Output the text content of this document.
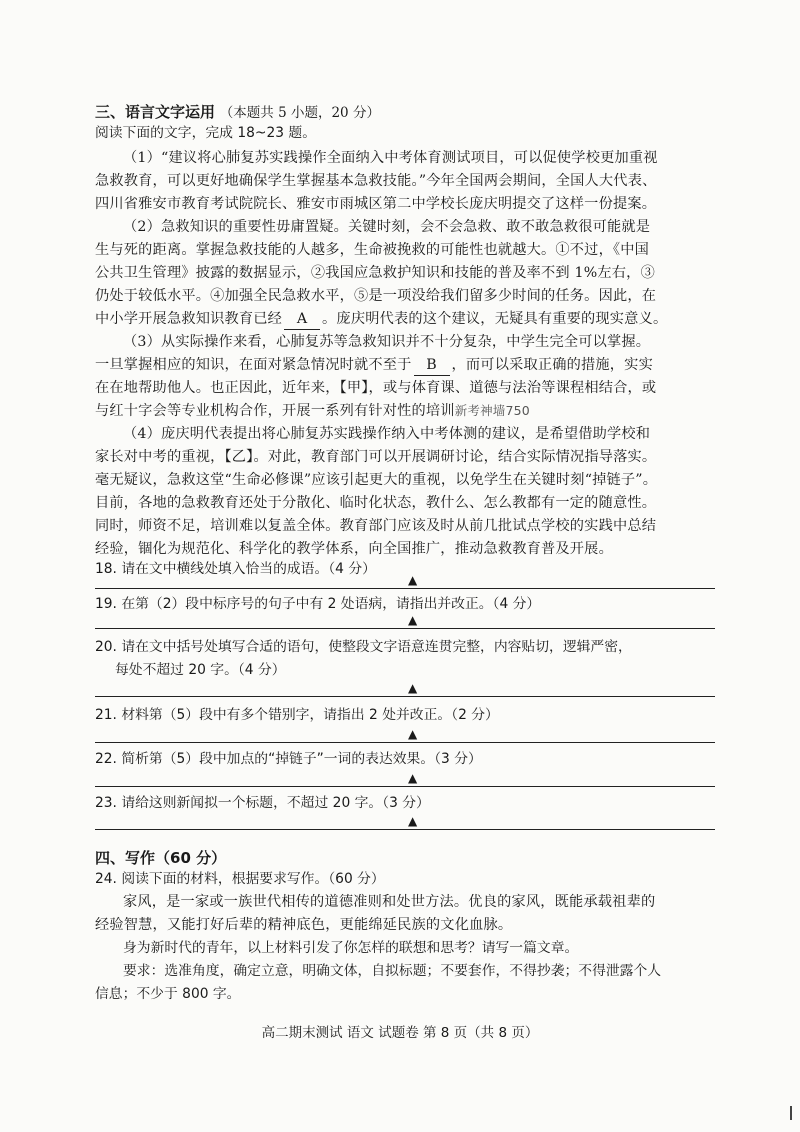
三、语言文字运用 （本题共 5 小题，20 分）
阅读下面的文字，完成 18~23 题。
（1）“建议将心肺复苏实践操作全面纳入中考体育测试项目，可以促使学校更加重视
急救教育，可以更好地确保学生掌握基本急救技能。”今年全国两会期间，全国人大代表、
四川省雅安市教育考试院院长、雅安市雨城区第二中学校长庞庆明提交了这样一份提案。
（2）急救知识的重要性毋庸置疑。关键时刻，会不会急救、敢不敢急救很可能就是
生与死的距离。掌握急救技能的人越多，生命被挽救的可能性也就越大。①不过，《中国
公共卫生管理》披露的数据显示，②我国应急救护知识和技能的普及率不到 1%左右，③
仍处于较低水平。④加强全民急救水平，⑤是一项没给我们留多少时间的任务。因此，在
中小学开展急救知识教育已经 A 。庞庆明代表的这个建议，无疑具有重要的现实意义。
（3）从实际操作来看，心肺复苏等急救知识并不十分复杂，中学生完全可以掌握。
一旦掌握相应的知识，在面对紧急情况时就不至于 B ，而可以采取正确的措施，实实
在在地帮助他人。也正因此，近年来，【甲】，或与体育课、道德与法治等课程相结合，或
与红十字会等专业机构合作，开展一系列有针对性的培训新考神墙750
（4）庞庆明代表提出将心肺复苏实践操作纳入中考体测的建议，是希望借助学校和
家长对中考的重视，【乙】。对此，教育部门可以开展调研讨论，结合实际情况指导落实。
毫无疑议，急救这堂“生命必修课”应该引起更大的重视，以免学生在关键时刻“掉链子”。
目前，各地的急救教育还处于分散化、临时化状态，教什么、怎么教都有一定的随意性。
同时，师资不足，培训难以复盖全体。教育部门应该及时从前几批试点学校的实践中总结
经验，锢化为规范化、科学化的教学体系，向全国推广，推动急救教育普及开展。
18. 请在文中横线处填入恰当的成语。（4 分）
▲
19. 在第（2）段中标序号的句子中有 2 处语病，请指出并改正。（4 分）
▲
20. 请在文中括号处填写合适的语句，使整段文字语意连贯完整，内容贴切，逻辑严密，
每处不超过 20 字。（4 分）
▲
21. 材料第（5）段中有多个错别字，请指出 2 处并改正。（2 分）
▲
22. 简析第（5）段中加点的“掉链子”一词的表达效果。（3 分）
▲
23. 请给这则新闻拟一个标题，不超过 20 字。（3 分）
▲
四、写作（60 分）
24. 阅读下面的材料，根据要求写作。（60 分）
家风，是一家或一族世代相传的道德准则和处世方法。优良的家风，既能承载祖辈的
经验智慧，又能打好后辈的精神底色，更能绵延民族的文化血脉。
身为新时代的青年，以上材料引发了你怎样的联想和思考？请写一篇文章。
要求：选准角度，确定立意，明确文体，自拟标题；不要套作，不得抄袭；不得泄露个人
信息；不少于 800 字。
高二期末测试 语文 试题卷 第 8 页（共 8 页）
